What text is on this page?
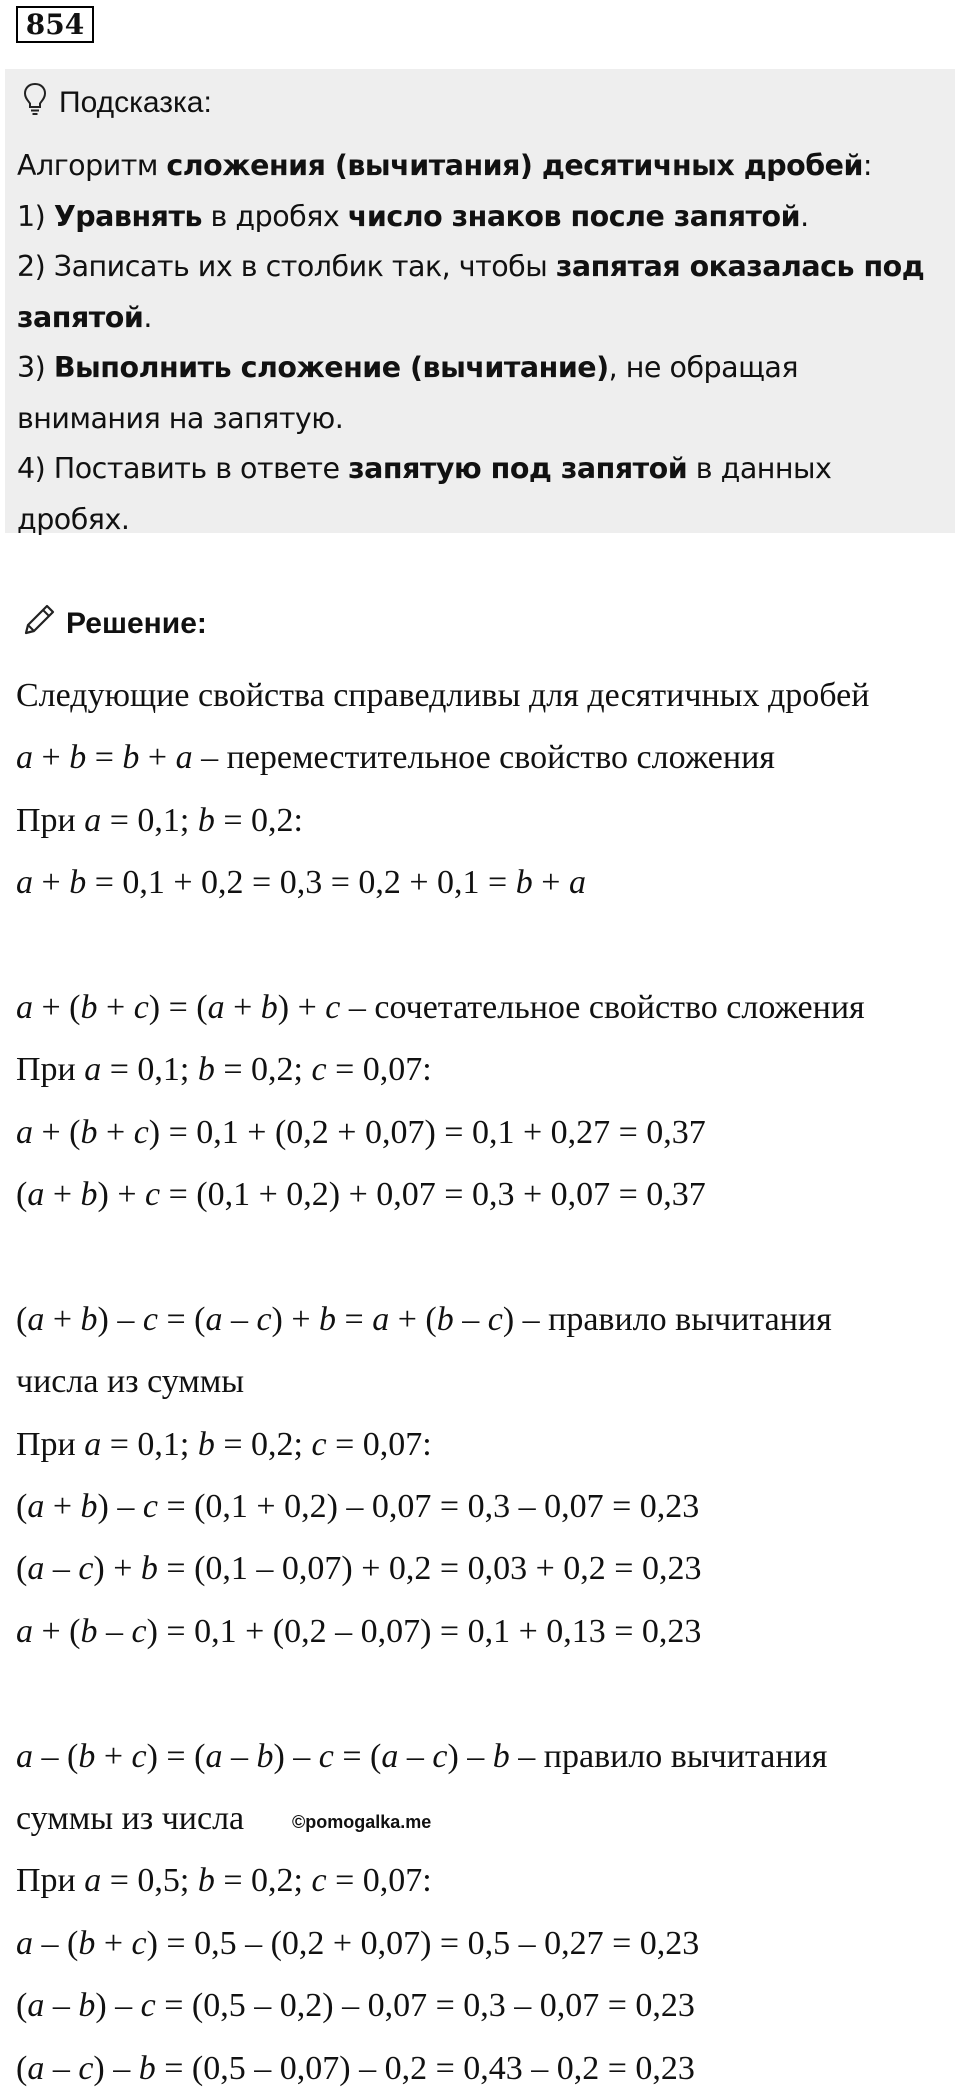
854
Подсказка:

Алгоритм сложения (вычитания) десятичных дробей:

1) Уравнять в дробях число знаков после запятой.

2) Записать их в столбик так, чтобы запятая оказалась под запятой.

3) Выполнить сложение (вычитание), не обращая внимания на запятую.

4) Поставить в ответе запятую под запятой в данных дробях.

Решение:
Следующие свойства справедливы для десятичных дробей
a + b = b + a – переместительное свойство сложения
При a = 0,1; b = 0,2:
a + b = 0,1 + 0,2 = 0,3 = 0,2 + 0,1 = b + a
a + (b + c) = (a + b) + c – сочетательное свойство сложения
При a = 0,1; b = 0,2; c = 0,07:
a + (b + c) = 0,1 + (0,2 + 0,07) = 0,1 + 0,27 = 0,37
(a + b) + c = (0,1 + 0,2) + 0,07 = 0,3 + 0,07 = 0,37
(a + b) – c = (a – c) + b = a + (b – c) – правило вычитания
числа из суммы
При a = 0,1; b = 0,2; c = 0,07:
(a + b) – c = (0,1 + 0,2) – 0,07 = 0,3 – 0,07 = 0,23
(a – c) + b = (0,1 – 0,07) + 0,2 = 0,03 + 0,2 = 0,23
a + (b – c) = 0,1 + (0,2 – 0,07) = 0,1 + 0,13 = 0,23
a – (b + c) = (a – b) – c = (a – c) – b – правило вычитания
суммы из числа
При a = 0,5; b = 0,2; c = 0,07:
a – (b + c) = 0,5 – (0,2 + 0,07) = 0,5 – 0,27 = 0,23
(a – b) – c = (0,5 – 0,2) – 0,07 = 0,3 – 0,07 = 0,23
(a – c) – b = (0,5 – 0,07) – 0,2 = 0,43 – 0,2 = 0,23
©pomogalka.me
